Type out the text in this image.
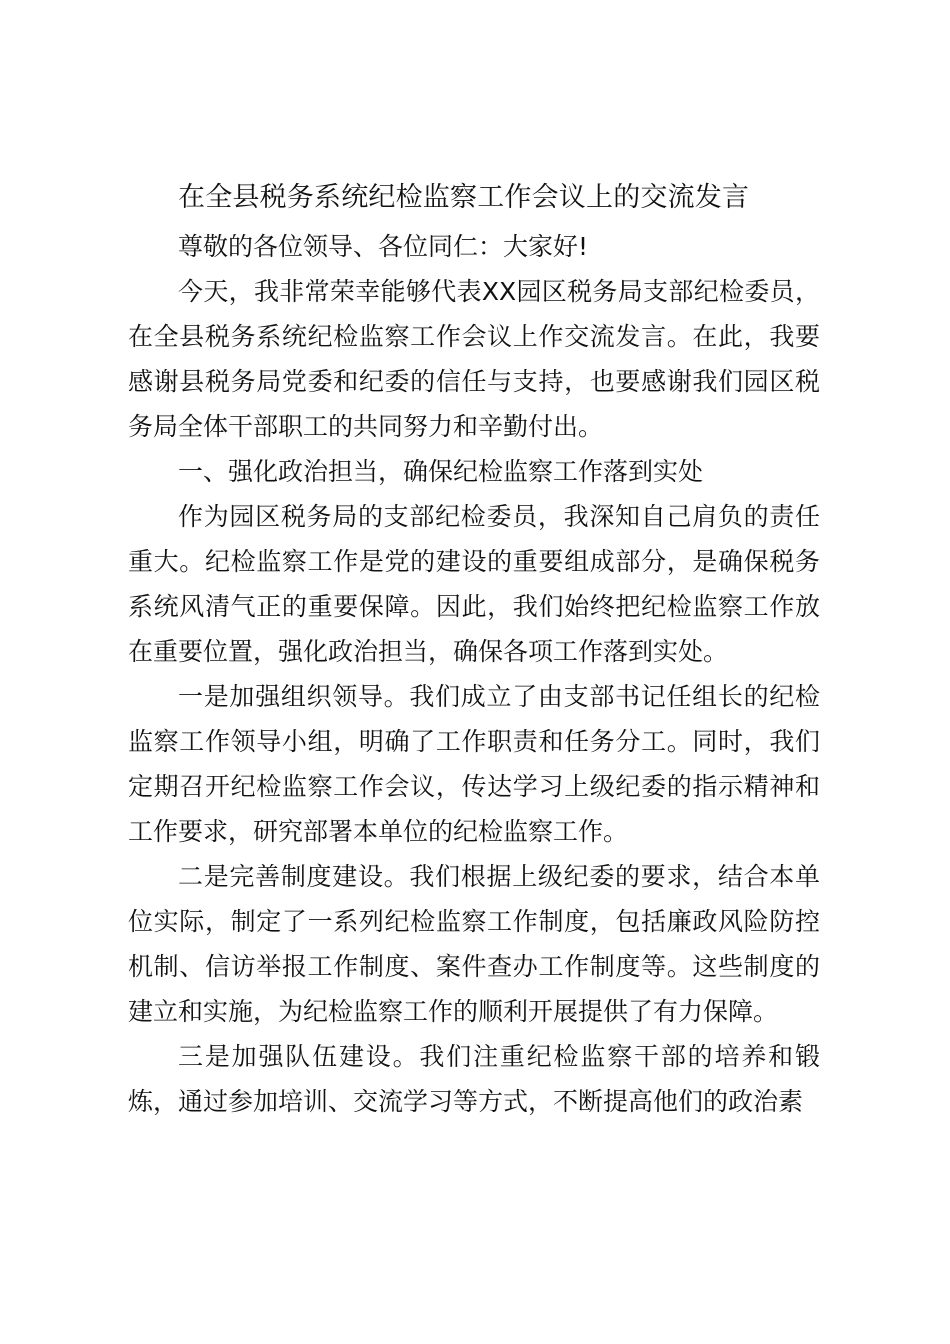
在全县税务系统纪检监察工作会议上的交流发言

尊敬的各位领导、各位同仁：大家好!

今天，我非常荣幸能够代表XX园区税务局支部纪检委员，在全县税务系统纪检监察工作会议上作交流发言。在此，我要感谢县税务局党委和纪委的信任与支持，也要感谢我们园区税务局全体干部职工的共同努力和辛勤付出。

一、强化政治担当，确保纪检监察工作落到实处

作为园区税务局的支部纪检委员，我深知自己肩负的责任重大。纪检监察工作是党的建设的重要组成部分，是确保税务系统风清气正的重要保障。因此，我们始终把纪检监察工作放在重要位置，强化政治担当，确保各项工作落到实处。

一是加强组织领导。我们成立了由支部书记任组长的纪检监察工作领导小组，明确了工作职责和任务分工。同时，我们定期召开纪检监察工作会议，传达学习上级纪委的指示精神和工作要求，研究部署本单位的纪检监察工作。

二是完善制度建设。我们根据上级纪委的要求，结合本单位实际，制定了一系列纪检监察工作制度，包括廉政风险防控机制、信访举报工作制度、案件查办工作制度等。这些制度的建立和实施，为纪检监察工作的顺利开展提供了有力保障。

三是加强队伍建设。我们注重纪检监察干部的培养和锻炼，通过参加培训、交流学习等方式，不断提高他们的政治素
